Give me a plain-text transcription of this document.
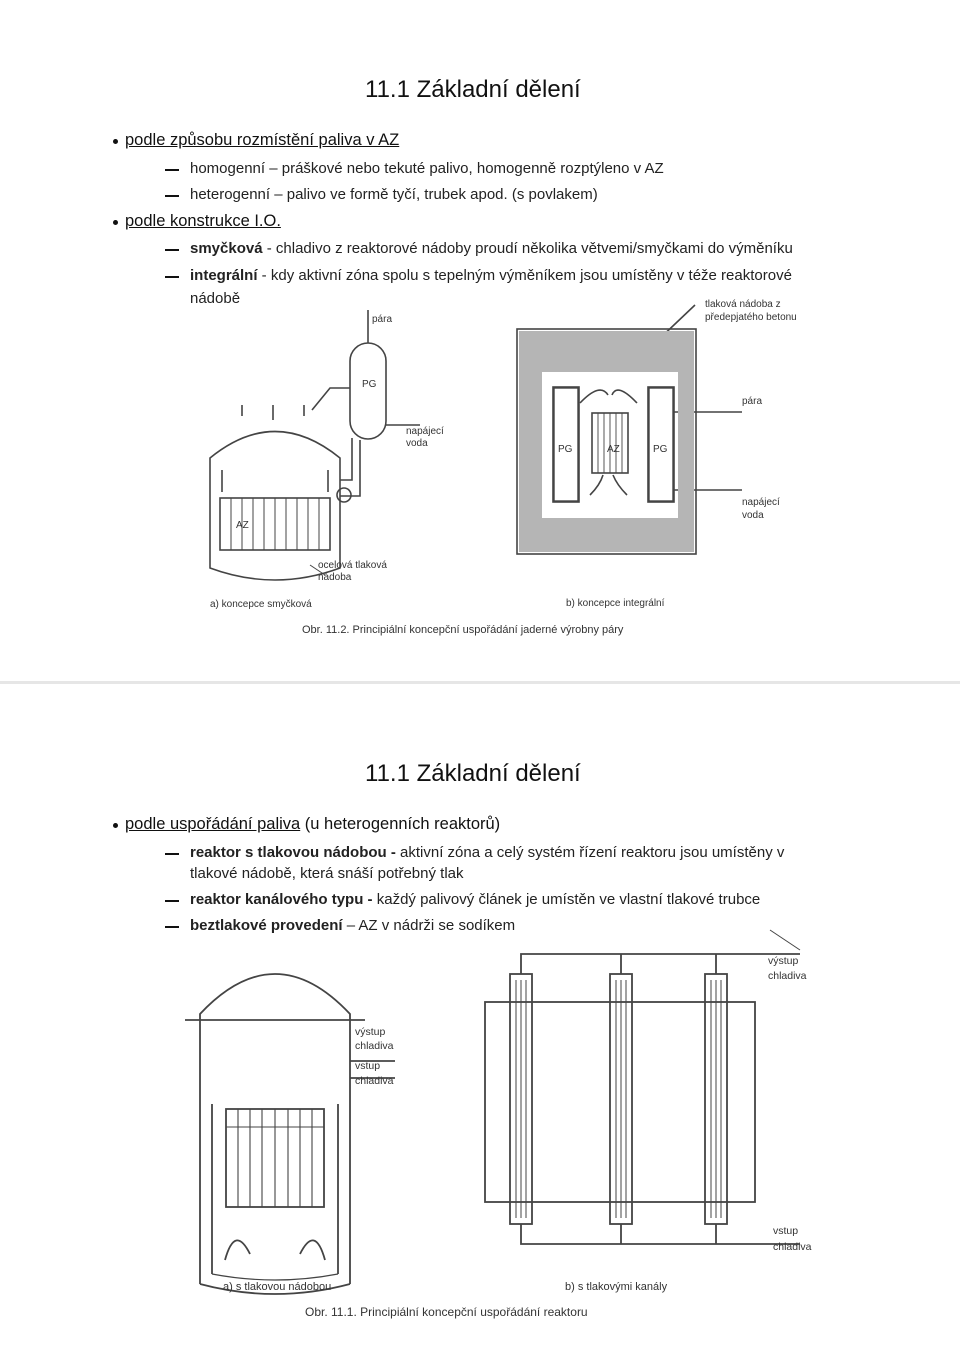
11.1 Základní dělení
podle způsobu rozmístění paliva v AZ
homogenní – práškové nebo tekuté palivo, homogenně rozptýleno v AZ
heterogenní – palivo ve formě tyčí, trubek apod. (s povlakem)
podle konstrukce I.O.
smyčková - chladivo z reaktorové nádoby proudí několika větvemi/smyčkami do výměníku
integrální - kdy aktivní zóna spolu s tepelným výměníkem jsou umístěny v téže reaktorové
nádobě
pára
PG
napájecí
voda
AZ
ocelová tlaková
nádoba
tlaková nádoba z
předepjatého betonu
pára
PG	AZ	PG
napájecí
voda
a) koncepce smyčková	b) koncepce integrální
Obr. 11.2. Principiální koncepční uspořádání jaderné výrobny páry
11.1 Základní dělení
podle uspořádání paliva (u heterogenních reaktorů)
reaktor s tlakovou nádobou - aktivní zóna a celý systém řízení reaktoru jsou umístěny v
tlakové nádobě, která snáší potřebný tlak
reaktor kanálového typu - každý palivový článek je umístěn ve vlastní tlakové trubce
beztlakové provedení – AZ v nádrži se sodíkem
výstup
chladiva
vstup
chladiva
výstup
chladiva
vstup
chladiva
a) s tlakovou nádobou	b) s tlakovými kanály
Obr. 11.1. Principiální koncepční uspořádání reaktoru
